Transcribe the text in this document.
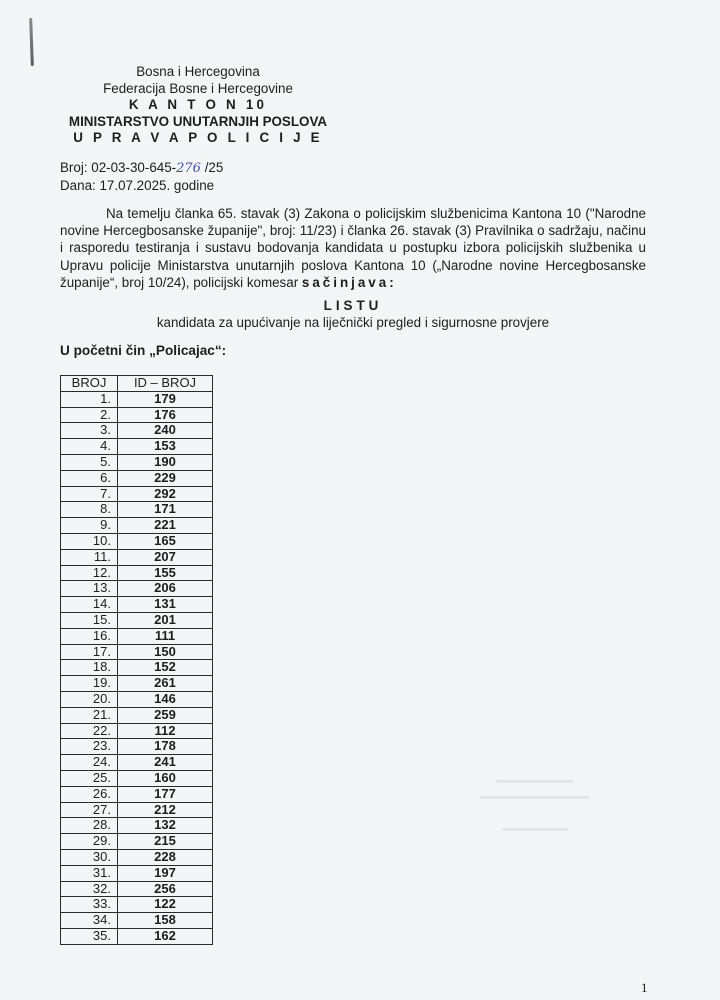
Bosna i Hercegovina
Federacija Bosne i Hercegovine
K A N T O N 10
MINISTARSTVO UNUTARNJIH POSLOVA
U P R A V A P O L I C I J E
Broj: 02-03-30-645-276 /25
Dana: 17.07.2025. godine
Na temelju članka 65. stavak (3) Zakona o policijskim službenicima Kantona 10 ("Narodne novine Hercegbosanske županije", broj: 11/23) i članka 26. stavak (3) Pravilnika o sadržaju, načinu i rasporedu testiranja i sustavu bodovanja kandidata u postupku izbora policijskih službenika u Upravu policije Ministarstva unutarnjih poslova Kantona 10 („Narodne novine Hercegbosanske županije“, broj 10/24), policijski komesar sačinjava:
LISTU
kandidata za upućivanje na liječnički pregled i sigurnosne provjere
U početni čin „Policajac“:
BROJ	ID – BROJ
1.	179
2.	176
3.	240
4.	153
5.	190
6.	229
7.	292
8.	171
9.	221
10.	165
11.	207
12.	155
13.	206
14.	131
15.	201
16.	111
17.	150
18.	152
19.	261
20.	146
21.	259
22.	112
23.	178
24.	241
25.	160
26.	177
27.	212
28.	132
29.	215
30.	228
31.	197
32.	256
33.	122
34.	158
35.	162
▬▬▬▬▬▬▬
▬▬▬▬▬▬▬▬▬▬

▬▬▬▬▬▬
1
